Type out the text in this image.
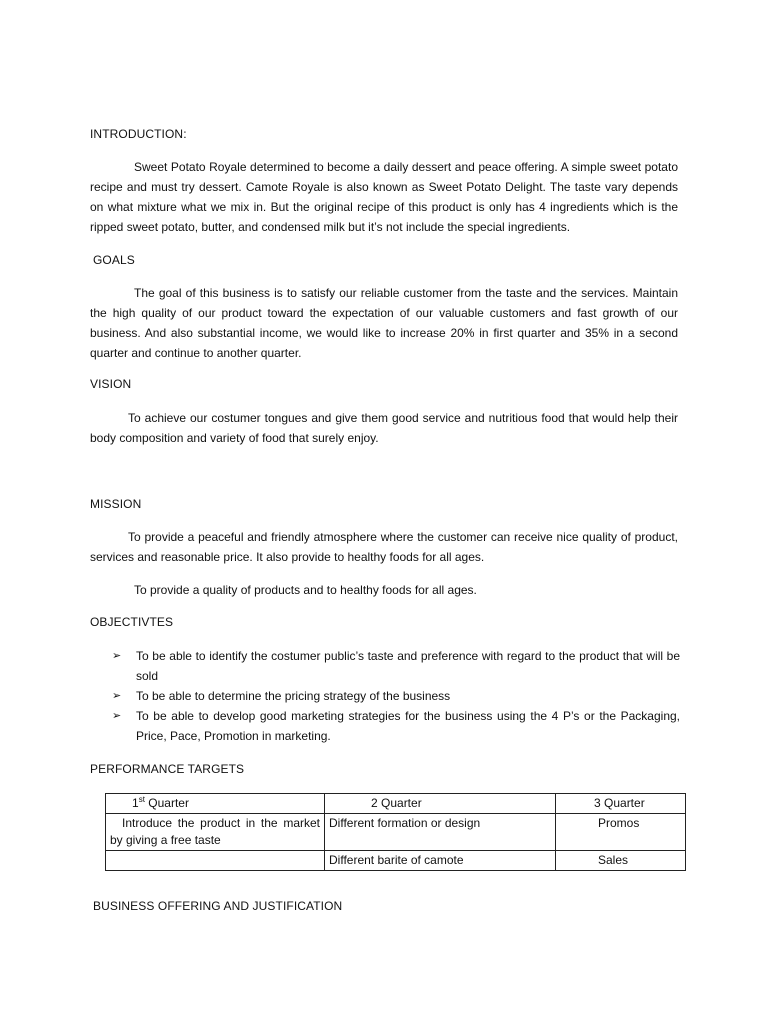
INTRODUCTION:
Sweet Potato Royale determined to become a daily dessert and peace offering. A simple sweet potato recipe and must try dessert. Camote Royale is also known as Sweet Potato Delight. The taste vary depends on what mixture what we mix in. But the original recipe of this product is only has 4 ingredients which is the ripped sweet potato, butter, and condensed milk but it’s not include the special ingredients.
GOALS
The goal of this business is to satisfy our reliable customer from the taste and the services. Maintain the high quality of our product toward the expectation of our valuable customers and fast growth of our business. And also substantial income, we would like to increase 20% in first quarter and 35% in a second quarter and continue to another quarter.
VISION
To achieve our costumer tongues and give them good service and nutritious food that would help their body composition and variety of food that surely enjoy.
MISSION
To provide a peaceful and friendly atmosphere where the customer can receive nice quality of product, services and reasonable price. It also provide to healthy foods for all ages.
To provide a quality of products and to healthy foods for all ages.
OBJECTIVTES
➢ To be able to identify the costumer public’s taste and preference with regard to the product that will be sold
➢ To be able to determine the pricing strategy of the business
➢ To be able to develop good marketing strategies for the business using the 4 P’s or the Packaging, Price, Pace, Promotion in marketing.
PERFORMANCE TARGETS
1st Quarter	2 Quarter	3 Quarter
Introduce the product in the market by giving a free taste	Different formation or design	Promos
	Different barite of camote	Sales
BUSINESS OFFERING AND JUSTIFICATION
